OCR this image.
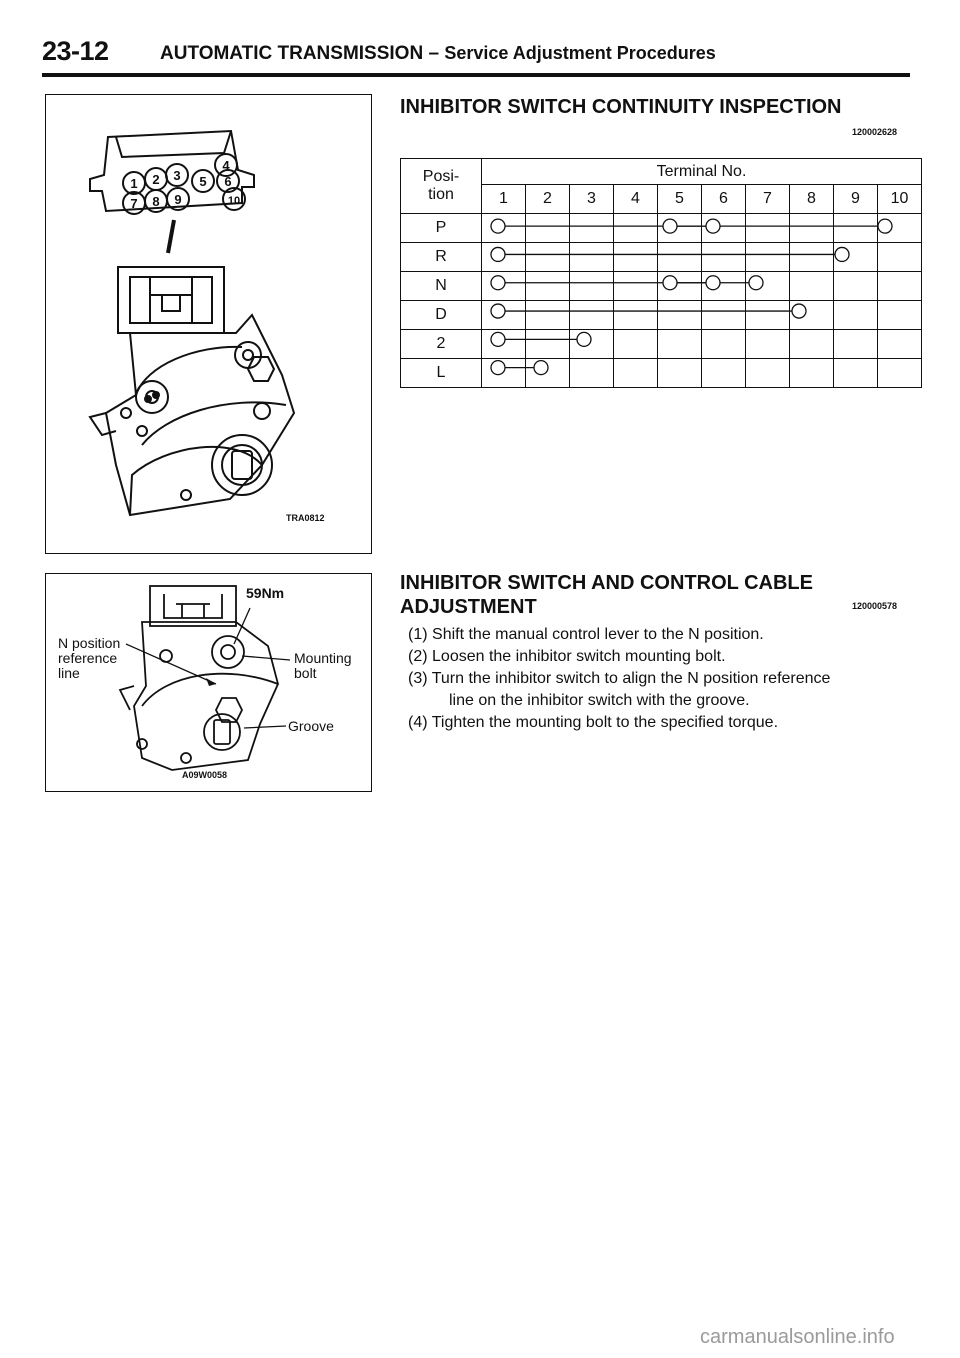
23-12	AUTOMATIC TRANSMISSION – Service Adjustment Procedures
1 2 3
4
5 6
7 8 9	10
TRA0812
59Nm
N position
reference
line
Mounting
bolt
Groove
A09W0058
INHIBITOR SWITCH CONTINUITY INSPECTION
120002628
Posi-
tion	Terminal No.									
	1	2	3	4	5	6	7	8	9	10
P										
R										
N										
D										
2										
L										
INHIBITOR SWITCH AND CONTROL CABLE
ADJUSTMENT	120000578
(1) Shift the manual control lever to the N position.
(2) Loosen the inhibitor switch mounting bolt.
(3) Turn the inhibitor switch to align the N position reference
line on the inhibitor switch with the groove.
(4) Tighten the mounting bolt to the specified torque.
carmanualsonline.info
